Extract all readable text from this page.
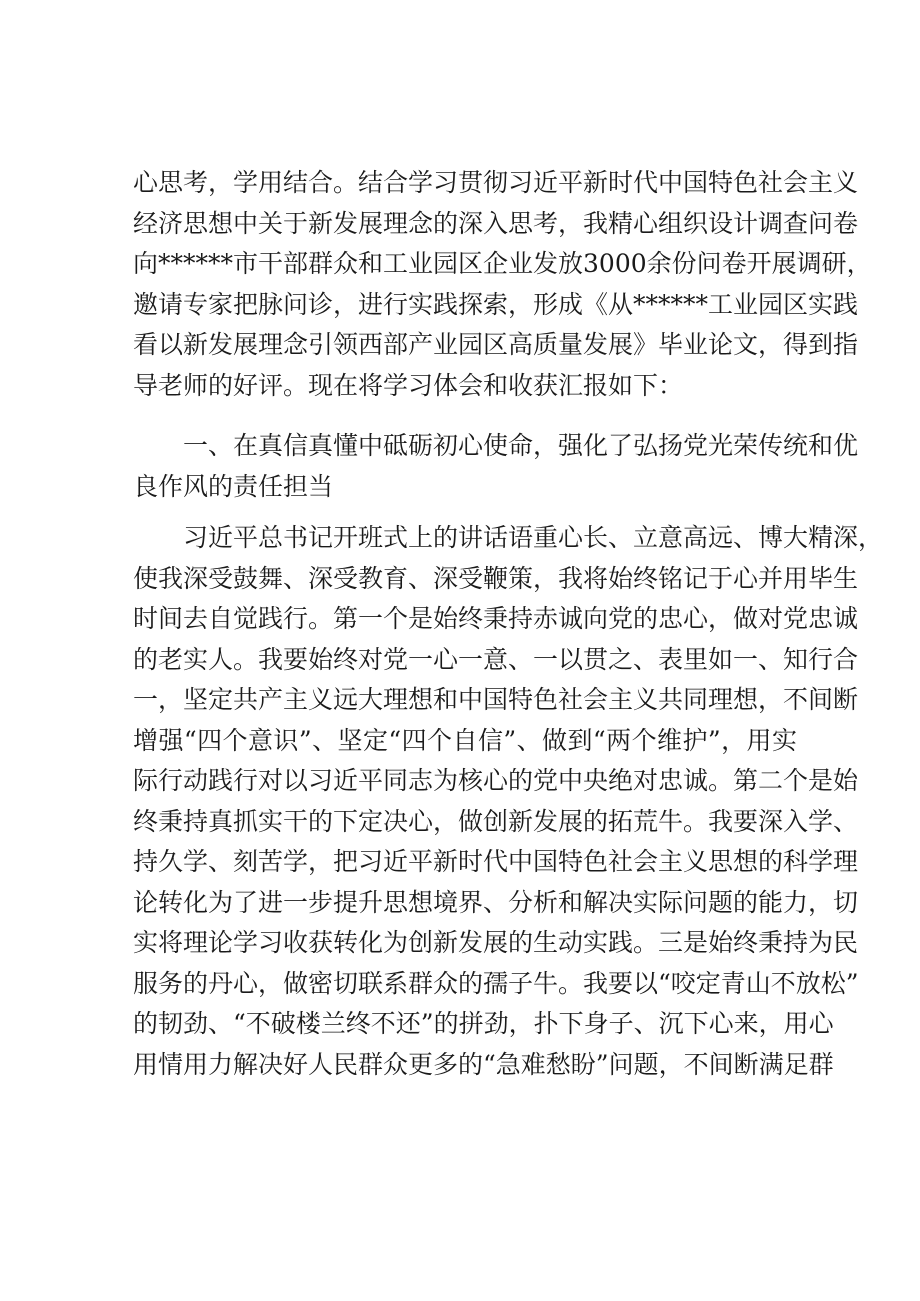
心思考，学用结合。结合学习贯彻习近平新时代中国特色社会主义
经济思想中关于新发展理念的深入思考，我精心组织设计调查问卷
向******市干部群众和工业园区企业发放3000余份问卷开展调研，
邀请专家把脉问诊，进行实践探索，形成《从******工业园区实践
看以新发展理念引领西部产业园区高质量发展》毕业论文，得到指
导老师的好评。现在将学习体会和收获汇报如下：
一、在真信真懂中砥砺初心使命，强化了弘扬党光荣传统和优
良作风的责任担当
习近平总书记开班式上的讲话语重心长、立意高远、博大精深，
使我深受鼓舞、深受教育、深受鞭策，我将始终铭记于心并用毕生
时间去自觉践行。第一个是始终秉持赤诚向党的忠心，做对党忠诚
的老实人。我要始终对党一心一意、一以贯之、表里如一、知行合
一，坚定共产主义远大理想和中国特色社会主义共同理想，不间断
增强“四个意识”、坚定“四个自信”、做到“两个维护”，用实
际行动践行对以习近平同志为核心的党中央绝对忠诚。第二个是始
终秉持真抓实干的下定决心，做创新发展的拓荒牛。我要深入学、
持久学、刻苦学，把习近平新时代中国特色社会主义思想的科学理
论转化为了进一步提升思想境界、分析和解决实际问题的能力，切
实将理论学习收获转化为创新发展的生动实践。三是始终秉持为民
服务的丹心，做密切联系群众的孺子牛。我要以“咬定青山不放松”
的韧劲、“不破楼兰终不还”的拼劲，扑下身子、沉下心来，用心
用情用力解决好人民群众更多的“急难愁盼”问题，不间断满足群
